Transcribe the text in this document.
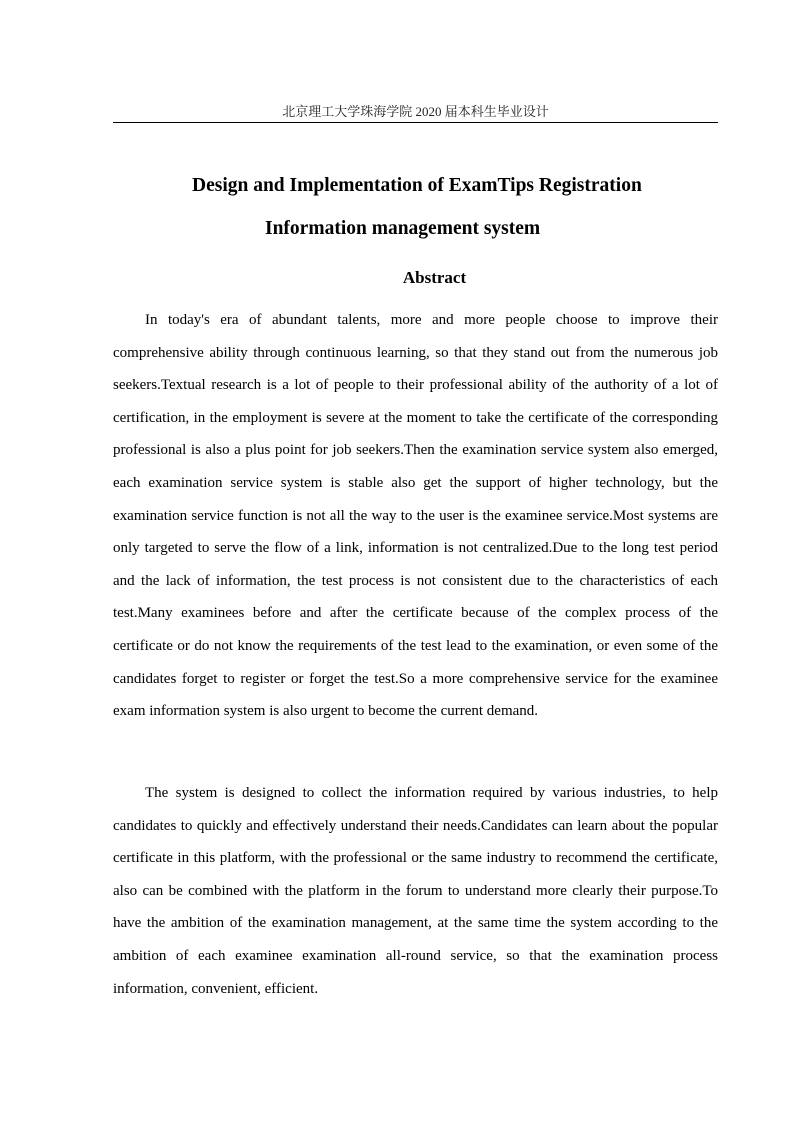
北京理工大学珠海学院 2020 届本科生毕业设计
Design and Implementation of ExamTips Registration
Information management system
Abstract

In today's era of abundant talents, more and more people choose to improve their comprehensive ability through continuous learning, so that they stand out from the numerous job seekers.Textual research is a lot of people to their professional ability of the authority of a lot of certification, in the employment is severe at the moment to take the certificate of the corresponding professional is also a plus point for job seekers.Then the examination service system also emerged, each examination service system is stable also get the support of higher technology, but the examination service function is not all the way to the user is the examinee service.Most systems are only targeted to serve the flow of a link, information is not centralized.Due to the long test period and the lack of information, the test process is not consistent due to the characteristics of each test.Many examinees before and after the certificate because of the complex process of the certificate or do not know the requirements of the test lead to the examination, or even some of the candidates forget to register or forget the test.So a more comprehensive service for the examinee exam information system is also urgent to become the current demand.

The system is designed to collect the information required by various industries, to help candidates to quickly and effectively understand their needs.Candidates can learn about the popular certificate in this platform, with the professional or the same industry to recommend the certificate, also can be combined with the platform in the forum to understand more clearly their purpose.To have the ambition of the examination management, at the same time the system according to the ambition of each examinee examination all-round service, so that the examination process information, convenient, efficient.
